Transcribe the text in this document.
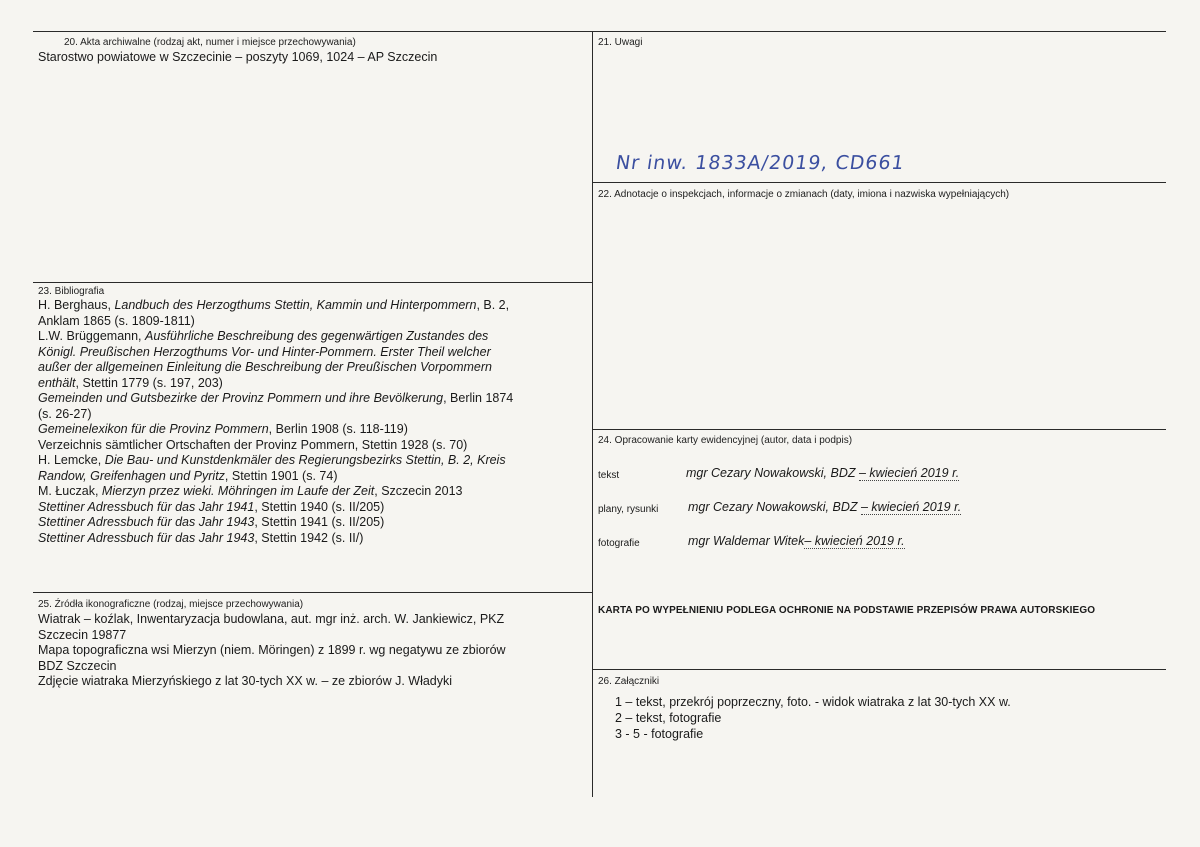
20. Akta archiwalne (rodzaj akt, numer i miejsce przechowywania)
Starostwo powiatowe w Szczecinie – poszyty 1069, 1024 – AP Szczecin
21. Uwagi
Nr inw. 1833A/2019, CD661
22. Adnotacje o inspekcjach, informacje o zmianach (daty, imiona i nazwiska wypełniających)
23. Bibliografia
H. Berghaus, Landbuch des Herzogthums Stettin, Kammin und Hinterpommern, B. 2,
Anklam 1865 (s. 1809-1811)
L.W. Brüggemann, Ausführliche Beschreibung des gegenwärtigen Zustandes des
Königl. Preußischen Herzogthums Vor- und Hinter-Pommern. Erster Theil welcher
außer der allgemeinen Einleitung die Beschreibung der Preußischen Vorpommern
enthält, Stettin 1779 (s. 197, 203)
Gemeinden und Gutsbezirke der Provinz Pommern und ihre Bevölkerung, Berlin 1874
(s. 26-27)
Gemeinelexikon für die Provinz Pommern, Berlin 1908 (s. 118-119)
Verzeichnis sämtlicher Ortschaften der Provinz Pommern, Stettin 1928 (s. 70)
H. Lemcke, Die Bau- und Kunstdenkmäler des Regierungsbezirks Stettin, B. 2, Kreis
Randow, Greifenhagen und Pyritz, Stettin 1901 (s. 74)
M. Łuczak, Mierzyn przez wieki. Möhringen im Laufe der Zeit, Szczecin 2013
Stettiner Adressbuch für das Jahr 1941, Stettin 1940 (s. II/205)
Stettiner Adressbuch für das Jahr 1943, Stettin 1941 (s. II/205)
Stettiner Adressbuch für das Jahr 1943, Stettin 1942 (s. II/)
24. Opracowanie karty ewidencyjnej (autor, data i podpis)
tekst	mgr Cezary Nowakowski, BDZ – kwiecień 2019 r.
plany, rysunki mgr Cezary Nowakowski, BDZ – kwiecień 2019 r.
fotografie	mgr Waldemar Witek– kwiecień 2019 r.
KARTA PO WYPEŁNIENIU PODLEGA OCHRONIE NA PODSTAWIE PRZEPISÓW PRAWA AUTORSKIEGO
25. Źródła ikonograficzne (rodzaj, miejsce przechowywania)
Wiatrak – koźlak, Inwentaryzacja budowlana, aut. mgr inż. arch. W. Jankiewicz, PKZ
Szczecin 19877
Mapa topograficzna wsi Mierzyn (niem. Möringen) z 1899 r. wg negatywu ze zbiorów
BDZ Szczecin
Zdjęcie wiatraka Mierzyńskiego z lat 30-tych XX w. – ze zbiorów J. Władyki	26. Załączniki
1 – tekst, przekrój poprzeczny, foto. - widok wiatraka z lat 30-tych XX w.
2 – tekst, fotografie
3 - 5 - fotografie
